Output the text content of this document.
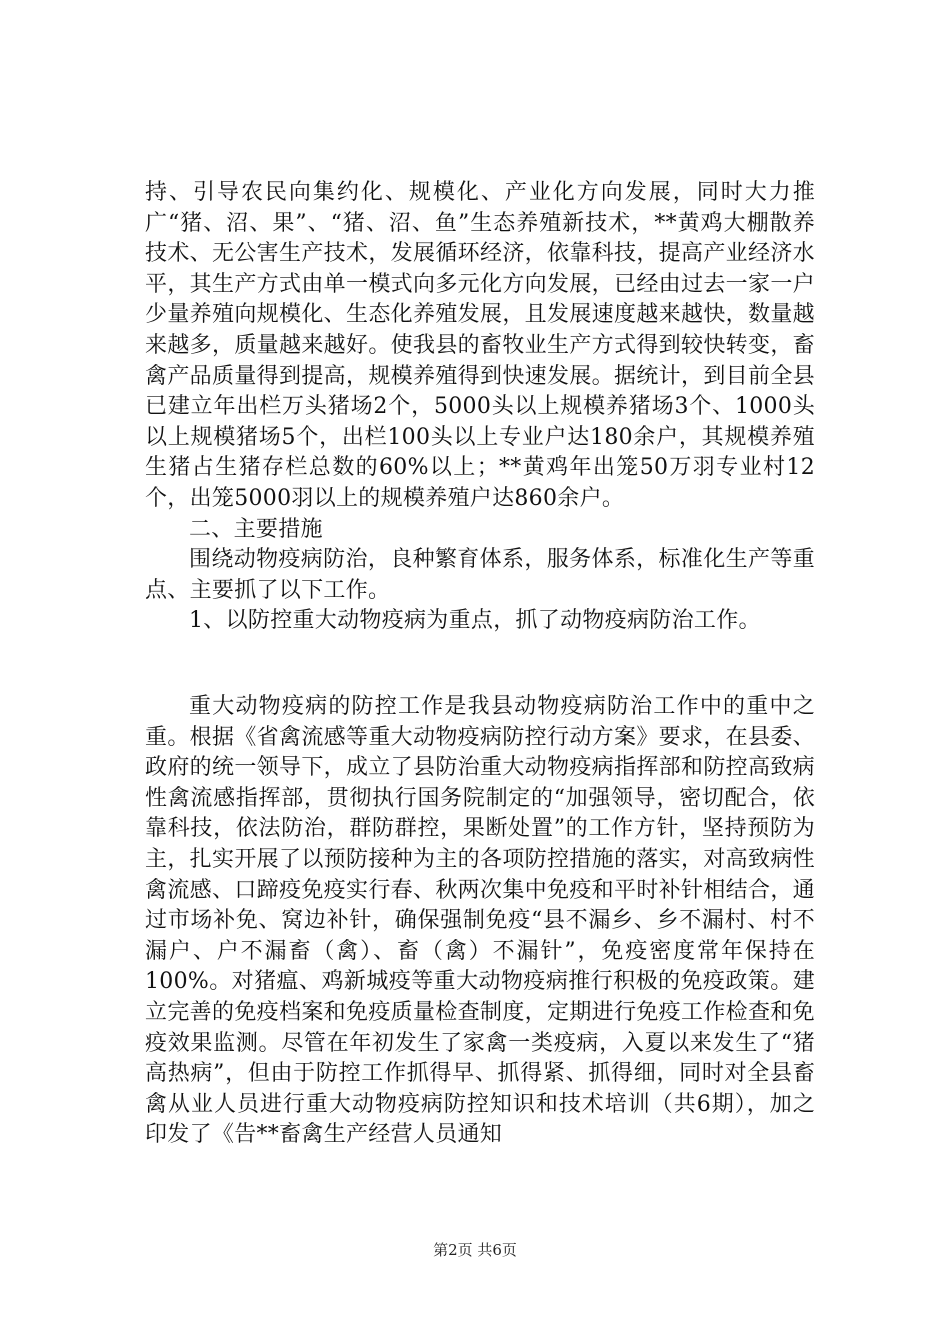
持、引导农民向集约化、规模化、产业化方向发展，同时大力推广“猪、沼、果”、“猪、沼、鱼”生态养殖新技术，**黄鸡大棚散养技术、无公害生产技术，发展循环经济，依靠科技，提高产业经济水平，其生产方式由单一模式向多元化方向发展，已经由过去一家一户少量养殖向规模化、生态化养殖发展，且发展速度越来越快，数量越来越多，质量越来越好。使我县的畜牧业生产方式得到较快转变，畜禽产品质量得到提高，规模养殖得到快速发展。据统计，到目前全县已建立年出栏万头猪场2个，5000头以上规模养猪场3个、1000头以上规模猪场5个，出栏100头以上专业户达180余户，其规模养殖生猪占生猪存栏总数的60%以上；**黄鸡年出笼50万羽专业村12个，出笼5000羽以上的规模养殖户达860余户。

二、主要措施

围绕动物疫病防治，良种繁育体系，服务体系，标准化生产等重点、主要抓了以下工作。

1、以防控重大动物疫病为重点，抓了动物疫病防治工作。

重大动物疫病的防控工作是我县动物疫病防治工作中的重中之重。根据《省禽流感等重大动物疫病防控行动方案》要求，在县委、政府的统一领导下，成立了县防治重大动物疫病指挥部和防控高致病性禽流感指挥部，贯彻执行国务院制定的“加强领导，密切配合，依靠科技，依法防治，群防群控，果断处置”的工作方针，坚持预防为主，扎实开展了以预防接种为主的各项防控措施的落实，对高致病性禽流感、口蹄疫免疫实行春、秋两次集中免疫和平时补针相结合，通过市场补免、窝边补针，确保强制免疫“县不漏乡、乡不漏村、村不漏户、户不漏畜（禽）、畜（禽）不漏针”，免疫密度常年保持在100%。对猪瘟、鸡新城疫等重大动物疫病推行积极的免疫政策。建立完善的免疫档案和免疫质量检查制度，定期进行免疫工作检查和免疫效果监测。尽管在年初发生了家禽一类疫病，入夏以来发生了“猪高热病”，但由于防控工作抓得早、抓得紧、抓得细，同时对全县畜禽从业人员进行重大动物疫病防控知识和技术培训（共6期），加之印发了《告**畜禽生产经营人员通知

第2页 共6页
